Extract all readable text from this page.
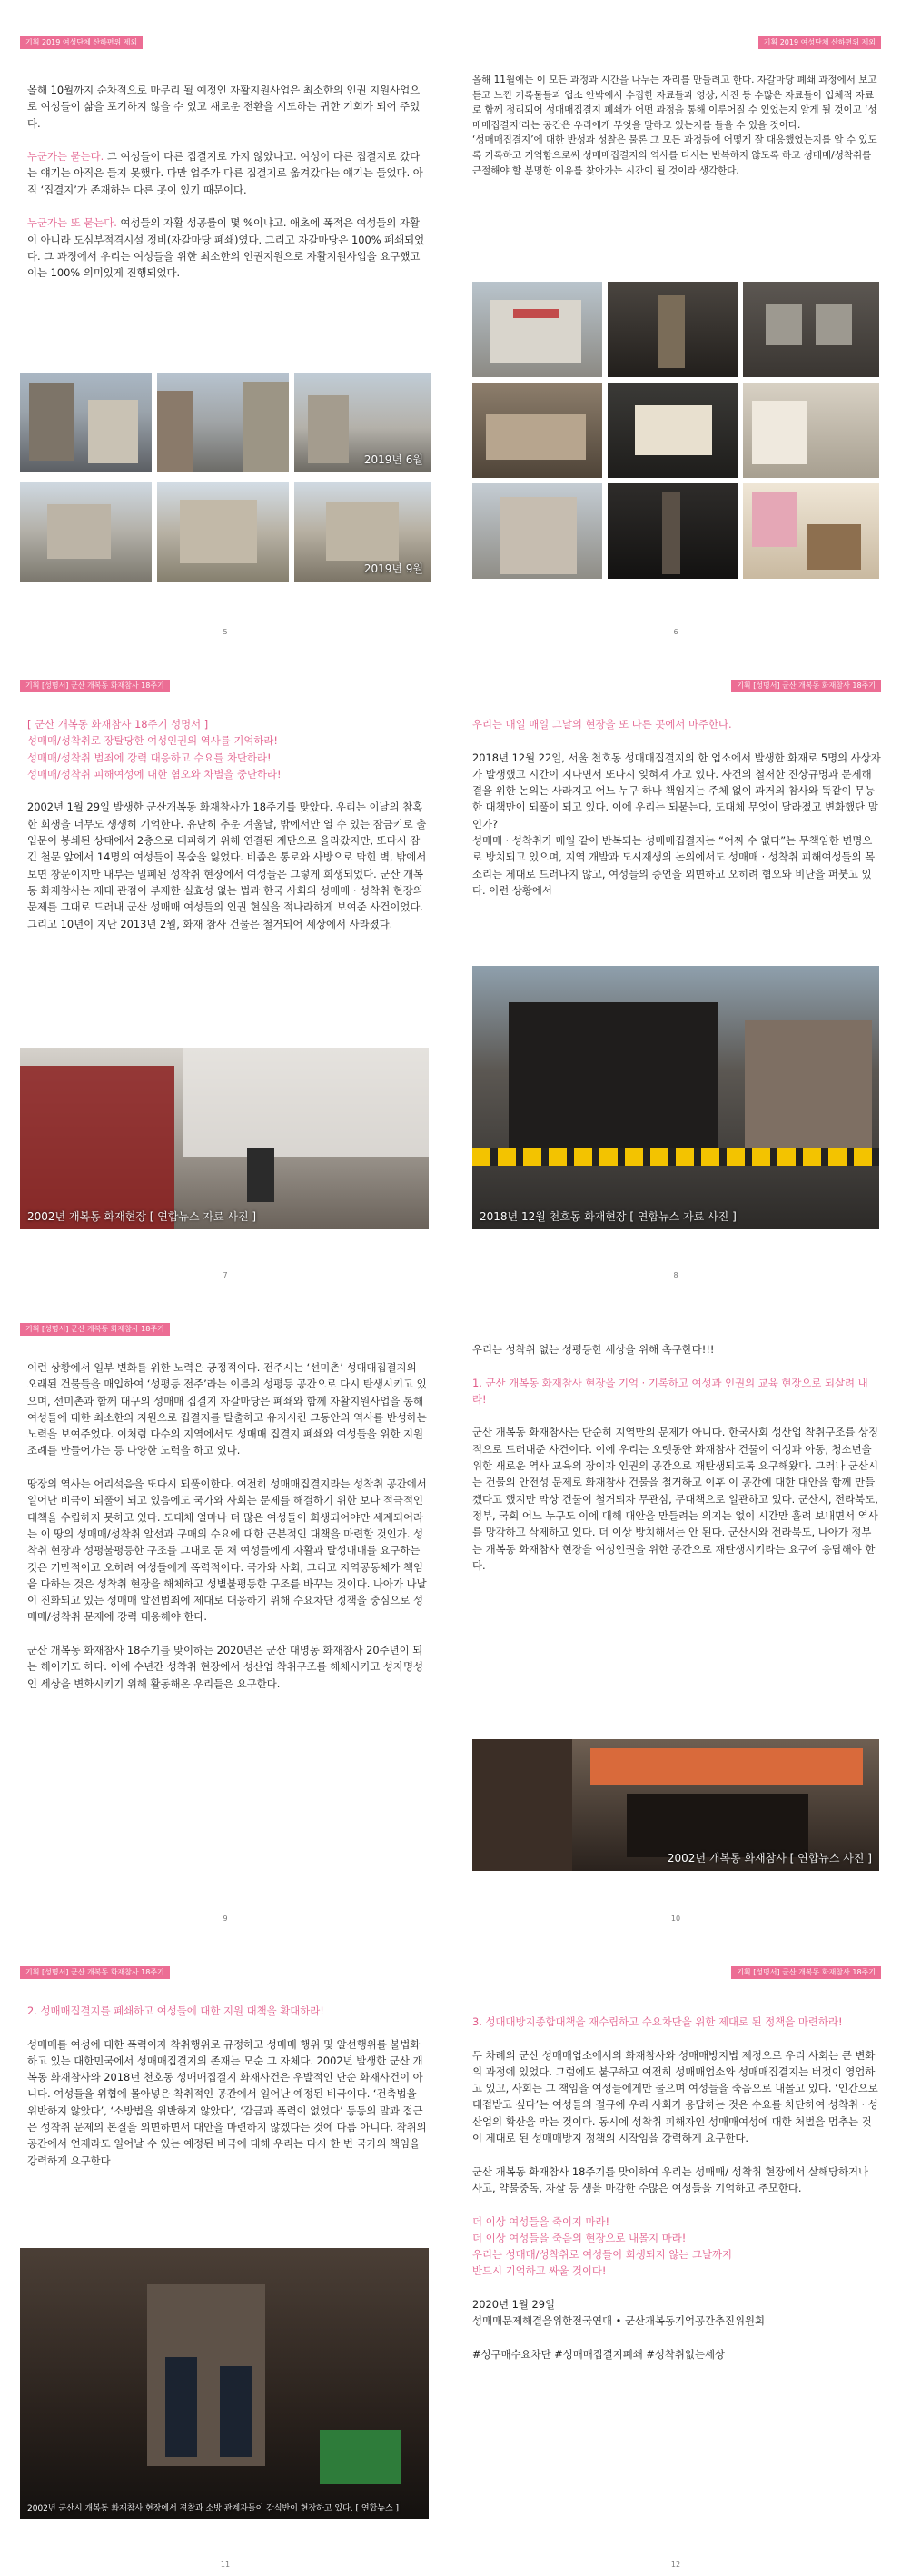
기획 2019 여성단체 산하편위 제외

올해 10월까지 순차적으로 마무리 될 예정인 자활지원사업은 최소한의 인권 지원사업으로 여성들이 삶을 포기하지 않을 수 있고 새로운 전환을 시도하는 귀한 기회가 되어 주었다.

누군가는 묻는다. 그 여성들이 다른 집결지로 가지 않았나고. 여성이 다른 집결지로 갔다는 얘기는 아직은 들지 못했다. 다만 업주가 다른 집결지로 옮겨갔다는 얘기는 들었다. 아직 ‘집결지’가 존재하는 다른 곳이 있기 때문이다.

누군가는 또 묻는다. 여성들의 자활 성공률이 몇 %이냐고. 애초에 폭적은 여성들의 자활이 아니라 도심부적격시설 정비(자갈마당 폐쇄)였다. 그리고 자갈마당은 100% 폐쇄되었다. 그 과정에서 우리는 여성들을 위한 최소한의 인권지원으로 자활지원사업을 요구했고 이는 100% 의미있게 진행되었다.

2019년 6월
2019년 9월
5
기획 2019 여성단체 산하편위 제외

올해 11월에는 이 모든 과정과 시간을 나누는 자리를 만들려고 한다. 자갈마당 폐쇄 과정에서 보고 듣고 느낀 기록물들과 업소 안밖에서 수집한 자료들과 영상, 사진 등 수많은 자료들이 입체적 자료로 함께 정리되어 성매매집결지 폐쇄가 어떤 과정을 통해 이루어질 수 있었는지 알게 될 것이고 ‘성매매집결지’라는 공간은 우리에게 무엇을 말하고 있는지를 들을 수 있을 것이다.

‘성매매집결지’에 대한 반성과 성찰은 물론 그 모든 과정들에 어떻게 잘 대응했었는지를 알 수 있도록 기록하고 기억함으로써 성매매집결지의 역사를 다시는 반복하지 않도록 하고 성매매/성착취를 근절해야 할 분명한 이유를 찾아가는 시간이 될 것이라 생각한다.

6
기획 [성명서] 군산 개복동 화재참사 18주기

[ 군산 개복동 화재참사 18주기 성명서 ]

성매매/성착취로 장탈당한 여성인권의 역사를 기억하라!

성매매/성착취 범죄에 강력 대응하고 수요를 차단하라!

성매매/성착취 피해여성에 대한 혐오와 차별을 중단하라!

2002년 1월 29일 발생한 군산개복동 화재참사가 18주기를 맞았다. 우리는 이날의 참혹한 희생을 너무도 생생히 기억한다. 유난히 추운 겨울날, 밖에서만 열 수 있는 잠금키로 출입문이 봉쇄된 상태에서 2층으로 대피하기 위해 연결된 계단으로 올라갔지만, 또다시 잠긴 철문 앞에서 14명의 여성들이 목숨을 잃었다. 비좁은 통로와 사방으로 막힌 벽, 밖에서 보면 창문이지만 내부는 밀폐된 성착취 현장에서 여성들은 그렇게 희생되었다. 군산 개복동 화재참사는 제대 관점이 부재한 실효성 없는 법과 한국 사회의 성매매 · 성착취 현장의 문제를 그대로 드러내 군산 성매매 여성들의 인권 현실을 적나라하게 보여준 사건이었다. 그리고 10년이 지난 2013년 2월, 화재 참사 건물은 철거되어 세상에서 사라졌다.

2002년 개복동 화재현장 [ 연합뉴스 자료 사진 ]
7
기획 [성명서] 군산 개복동 화재참사 18주기

우리는 매일 매일 그날의 현장을 또 다른 곳에서 마주한다.

2018년 12월 22일, 서울 천호동 성매매집결지의 한 업소에서 발생한 화재로 5명의 사상자가 발생했고 시간이 지나면서 또다시 잊혀져 가고 있다. 사건의 철저한 진상규명과 문제해결을 위한 논의는 사라지고 어느 누구 하나 책임지는 주체 없이 과거의 참사와 똑같이 무능한 대책만이 되풀이 되고 있다. 이에 우리는 되묻는다, 도대체 무엇이 달라졌고 변화했단 말인가?
성매매 · 성착취가 매일 같이 반복되는 성매매집결지는 “어찌 수 없다”는 무책임한 변명으로 방치되고 있으며, 지역 개발과 도시재생의 논의에서도 성매매 · 성착취 피해여성들의 목소리는 제대로 드러나지 않고, 여성들의 증언을 외면하고 오히려 혐오와 비난을 퍼붓고 있다. 이런 상황에서

2018년 12월 천호동 화재현장 [ 연합뉴스 자료 사진 ]
8
기획 [성명서] 군산 개복동 화재참사 18주기

이런 상황에서 일부 변화를 위한 노력은 긍정적이다. 전주시는 ‘선미촌’ 성매매집결지의 오래된 건물들을 매입하여 ‘성평등 전주’라는 이름의 성평등 공간으로 다시 탄생시키고 있으며, 선미촌과 함께 대구의 성매매 집결지 자갈마당은 폐쇄와 함께 자활지원사업을 통해 여성들에 대한 최소한의 지원으로 집결지를 탈출하고 유지시킨 그동안의 역사를 반성하는 노력을 보여주었다. 이처럼 다수의 지역에서도 성매매 집결지 폐쇄와 여성들을 위한 지원 조례를 만들어가는 등 다양한 노력을 하고 있다.

땅장의 역사는 어리석음을 또다시 되풀이한다. 여전히 성매매집결지라는 성착취 공간에서 일어난 비극이 되풀이 되고 있음에도 국가와 사회는 문제를 해결하기 위한 보다 적극적인 대책을 수립하지 못하고 있다. 도대체 얼마나 더 많은 여성들이 희생되어야만 세계되어라는 이 땅의 성매매/성착취 알선과 구매의 수요에 대한 근본적인 대책을 마련할 것인가. 성착취 현장과 성평불평등한 구조를 그대로 둔 채 여성들에게 자활과 탈성매매를 요구하는 것은 기만적이고 오히려 여성들에게 폭력적이다. 국가와 사회, 그리고 지역공동체가 책임을 다하는 것은 성착취 현장을 해체하고 성별불평등한 구조를 바꾸는 것이다. 나아가 나날이 진화되고 있는 성매매 알선범죄에 제대로 대응하기 위해 수요차단 정책을 중심으로 성매매/성착취 문제에 강력 대응해야 한다.

군산 개복동 화재참사 18주기를 맞이하는 2020년은 군산 대명동 화재참사 20주년이 되는 해이기도 하다. 이에 수년간 성착취 현장에서 성산업 착취구조를 해체시키고 성자명성인 세상을 변화시키기 위해 활동해온 우리들은 요구한다.

9

우리는 성착취 없는 성평등한 세상을 위해 촉구한다!!!

1. 군산 개복동 화재참사 현장을 기억 · 기록하고 여성과 인권의 교육 현장으로 되살려 내라!

군산 개복동 화재참사는 단순히 지역만의 문제가 아니다. 한국사회 성산업 착취구조를 상징적으로 드러내준 사건이다. 이에 우리는 오랫동안 화재참사 건물이 여성과 아동, 청소년을 위한 새로운 역사 교육의 장이자 인권의 공간으로 재탄생되도록 요구해왔다. 그러나 군산시는 건물의 안전성 문제로 화재참사 건물을 철거하고 이후 이 공간에 대한 대안을 함께 만들겠다고 했지만 막상 건물이 철거되자 무관심, 무대책으로 일관하고 있다. 군산시, 전라북도, 정부, 국회 어느 누구도 이에 대해 대안을 만들려는 의지는 없이 시간만 흘려 보내면서 역사를 망각하고 삭제하고 있다. 더 이상 방치해서는 안 된다. 군산시와 전라북도, 나아가 정부는 개복동 화재참사 현장을 여성인권을 위한 공간으로 재탄생시키라는 요구에 응답해야 한다.

2002년 개복동 화재참사 [ 연합뉴스 사진 ]
10
기획 [성명서] 군산 개복동 화재참사 18주기

2. 성매매집결지를 폐쇄하고 여성들에 대한 지원 대책을 확대하라!

성매매를 여성에 대한 폭력이자 착취행위로 규정하고 성매매 행위 및 알선행위를 불법화하고 있는 대한민국에서 성매매집결지의 존재는 모순 그 자체다. 2002년 발생한 군산 개복동 화재참사와 2018년 천호동 성매매집결지 화재사건은 우발적인 단순 화재사건이 아니다. 여성들을 위협에 몰아넣은 착취적인 공간에서 일어난 예정된 비극이다. ‘건축법을 위반하지 않았다’, ‘소방법을 위반하지 않았다’, ‘감금과 폭력이 없었다’ 등등의 말과 접근은 성착취 문제의 본질을 외면하면서 대안을 마련하지 않겠다는 것에 다름 아니다. 착취의 공간에서 언제라도 일어날 수 있는 예정된 비극에 대해 우리는 다시 한 번 국가의 책임을 강력하게 요구한다

2002년 군산시 개복동 화재참사 현장에서 경찰과 소방 관계자들이 감식반이 현장하고 있다. [ 연합뉴스 ]
11
기획 [성명서] 군산 개복동 화재참사 18주기

3. 성매매방지종합대책을 재수립하고 수요차단을 위한 제대로 된 정책을 마련하라!

두 차례의 군산 성매매업소에서의 화재참사와 성매매방지법 제정으로 우리 사회는 큰 변화의 과정에 있었다. 그럼에도 불구하고 여전히 성매매업소와 성매매집결지는 버젓이 영업하고 있고, 사회는 그 책임을 여성들에게만 물으며 여성들을 죽음으로 내몰고 있다. ‘인간으로 대접받고 싶다’는 여성들의 절규에 우리 사회가 응답하는 것은 수요를 차단하여 성착취 · 성산업의 확산을 막는 것이다. 동시에 성착취 피해자인 성매매여성에 대한 처벌을 멈추는 것이 제대로 된 성매매방지 정책의 시작임을 강력하게 요구한다.

군산 개복동 화재참사 18주기를 맞이하여 우리는 성매매/ 성착취 현장에서 살해당하거나 사고, 약물중독, 자살 등 생을 마감한 수많은 여성들을 기억하고 추모한다.

더 이상 여성들을 죽이지 마라!

더 이상 여성들을 죽음의 현장으로 내몰지 마라!

우리는 성매매/성착취로 여성들이 희생되지 않는 그날까지

반드시 기억하고 싸울 것이다!

2020년 1월 29일

성매매문제해결을위한전국연대 • 군산개복동기억공간추진위원회

#성구매수요차단 #성매매집결지폐쇄 #성착취없는세상

12
